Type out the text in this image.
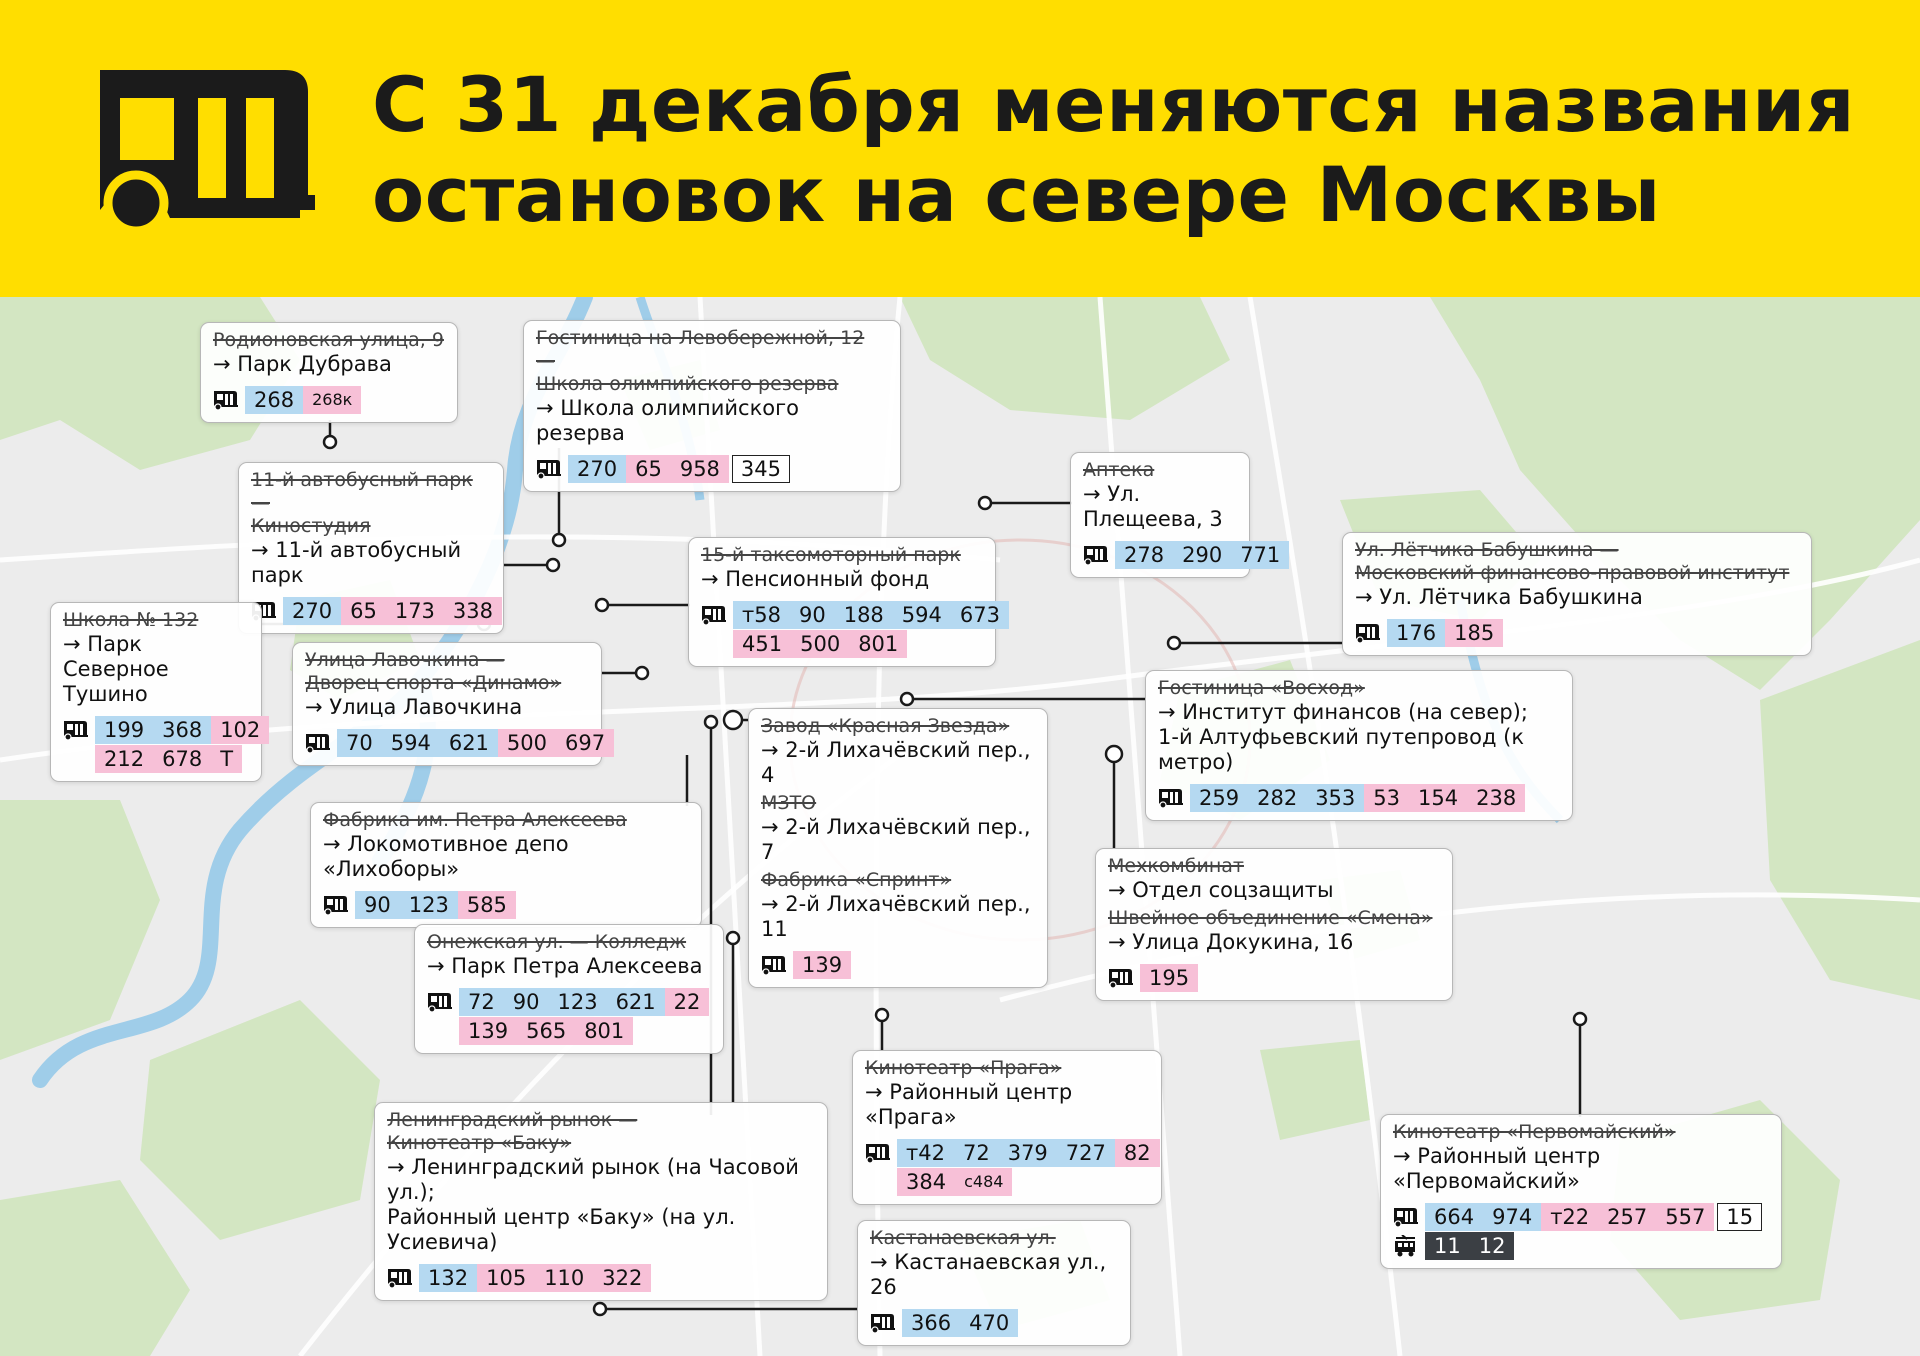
С 31 декабря меняются названия
остановок на севере Москвы
Родионовская улица, 9
→ Парк Дубрава
268	268к
Гостиница на Левобережной, 12 —
Школа олимпийского резерва
→ Школа олимпийского резерва
270 65 958	345	Аптека
→ Ул. Плещеева, 3
278 290 771
11-й автобусный парк —
Киностудия
→ 11-й автобусный парк
270 65 173 338
15-й таксомоторный парк
→ Пенсионный фонд
т58 90 188 594 673
451 500 801
Ул. Лётчика Бабушкина —
Московский финансово-правовой институт
→ Ул. Лётчика Бабушкина
176 185
Школа № 132
→ Парк Северное
Тушино
199 368 102
212 678 Т
Улица Лавочкина —
Дворец спорта «Динамо»
→ Улица Лавочкина
70 594 621 500 697
Гостиница «Восход»
→ Институт финансов (на север);
1-й Алтуфьевский путепровод (к метро)
259 282 353 53 154 238
Завод «Красная Звезда»
→ 2-й Лихачёвский пер., 4
МЗТО
→ 2-й Лихачёвский пер., 7
Фабрика «Спринт»
→ 2-й Лихачёвский пер., 11
139
Фабрика им. Петра Алексеева
→ Локомотивное депо «Лихоборы»
90 123 585
Мехкомбинат
→ Отдел соцзащиты
Швейное объединение «Смена»
→ Улица Докукина, 16
195
Онежская ул. — Колледж
→ Парк Петра Алексеева
72 90 123 621 22
139 565 801
Кинотеатр «Прага»
→ Районный центр «Прага»
т42 72 379 727 82
384	с484
Ленинградский рынок —
Кинотеатр «Баку»
→ Ленинградский рынок (на Часовой ул.);
Районный центр «Баку» (на ул. Усиевича)
132 105 110 322
Кинотеатр «Первомайский»
→ Районный центр «Первомайский»
664 974 т22 257 557	15
11 12
Кастанаевская ул.
→ Кастанаевская ул., 26
366 470
